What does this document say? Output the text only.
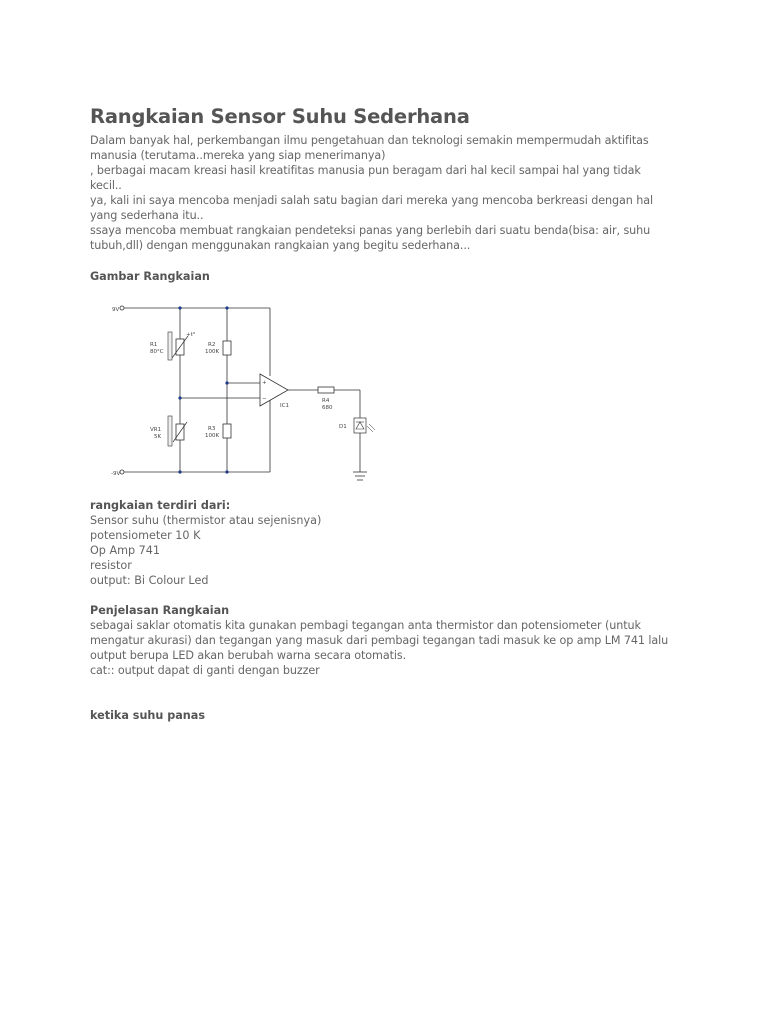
Rangkaian Sensor Suhu Sederhana

Dalam banyak hal, perkembangan ilmu pengetahuan dan teknologi semakin mempermudah aktifitas

manusia (terutama..mereka yang siap menerimanya)

, berbagai macam kreasi hasil kreatifitas manusia pun beragam dari hal kecil sampai hal yang tidak

kecil..

ya, kali ini saya mencoba menjadi salah satu bagian dari mereka yang mencoba berkreasi dengan hal

yang sederhana itu..

ssaya mencoba membuat rangkaian pendeteksi panas yang berlebih dari suatu benda(bisa: air, suhu

tubuh,dll) dengan menggunakan rangkaian yang begitu sederhana...

Gambar Rangkaian
9V
-9V
R1
80°C
+t°
R2
100K
VR1
5K
R3
100K
+
−
IC1
R4
680
D1
rangkaian terdiri dari:
Sensor suhu (thermistor atau sejenisnya)
potensiometer 10 K
Op Amp 741
resistor
output: Bi Colour Led
Penjelasan Rangkaian

sebagai saklar otomatis kita gunakan pembagi tegangan anta thermistor dan potensiometer (untuk

mengatur akurasi) dan tegangan yang masuk dari pembagi tegangan tadi masuk ke op amp LM 741 lalu

output berupa LED akan berubah warna secara otomatis.

cat:: output dapat di ganti dengan buzzer

ketika suhu panas
